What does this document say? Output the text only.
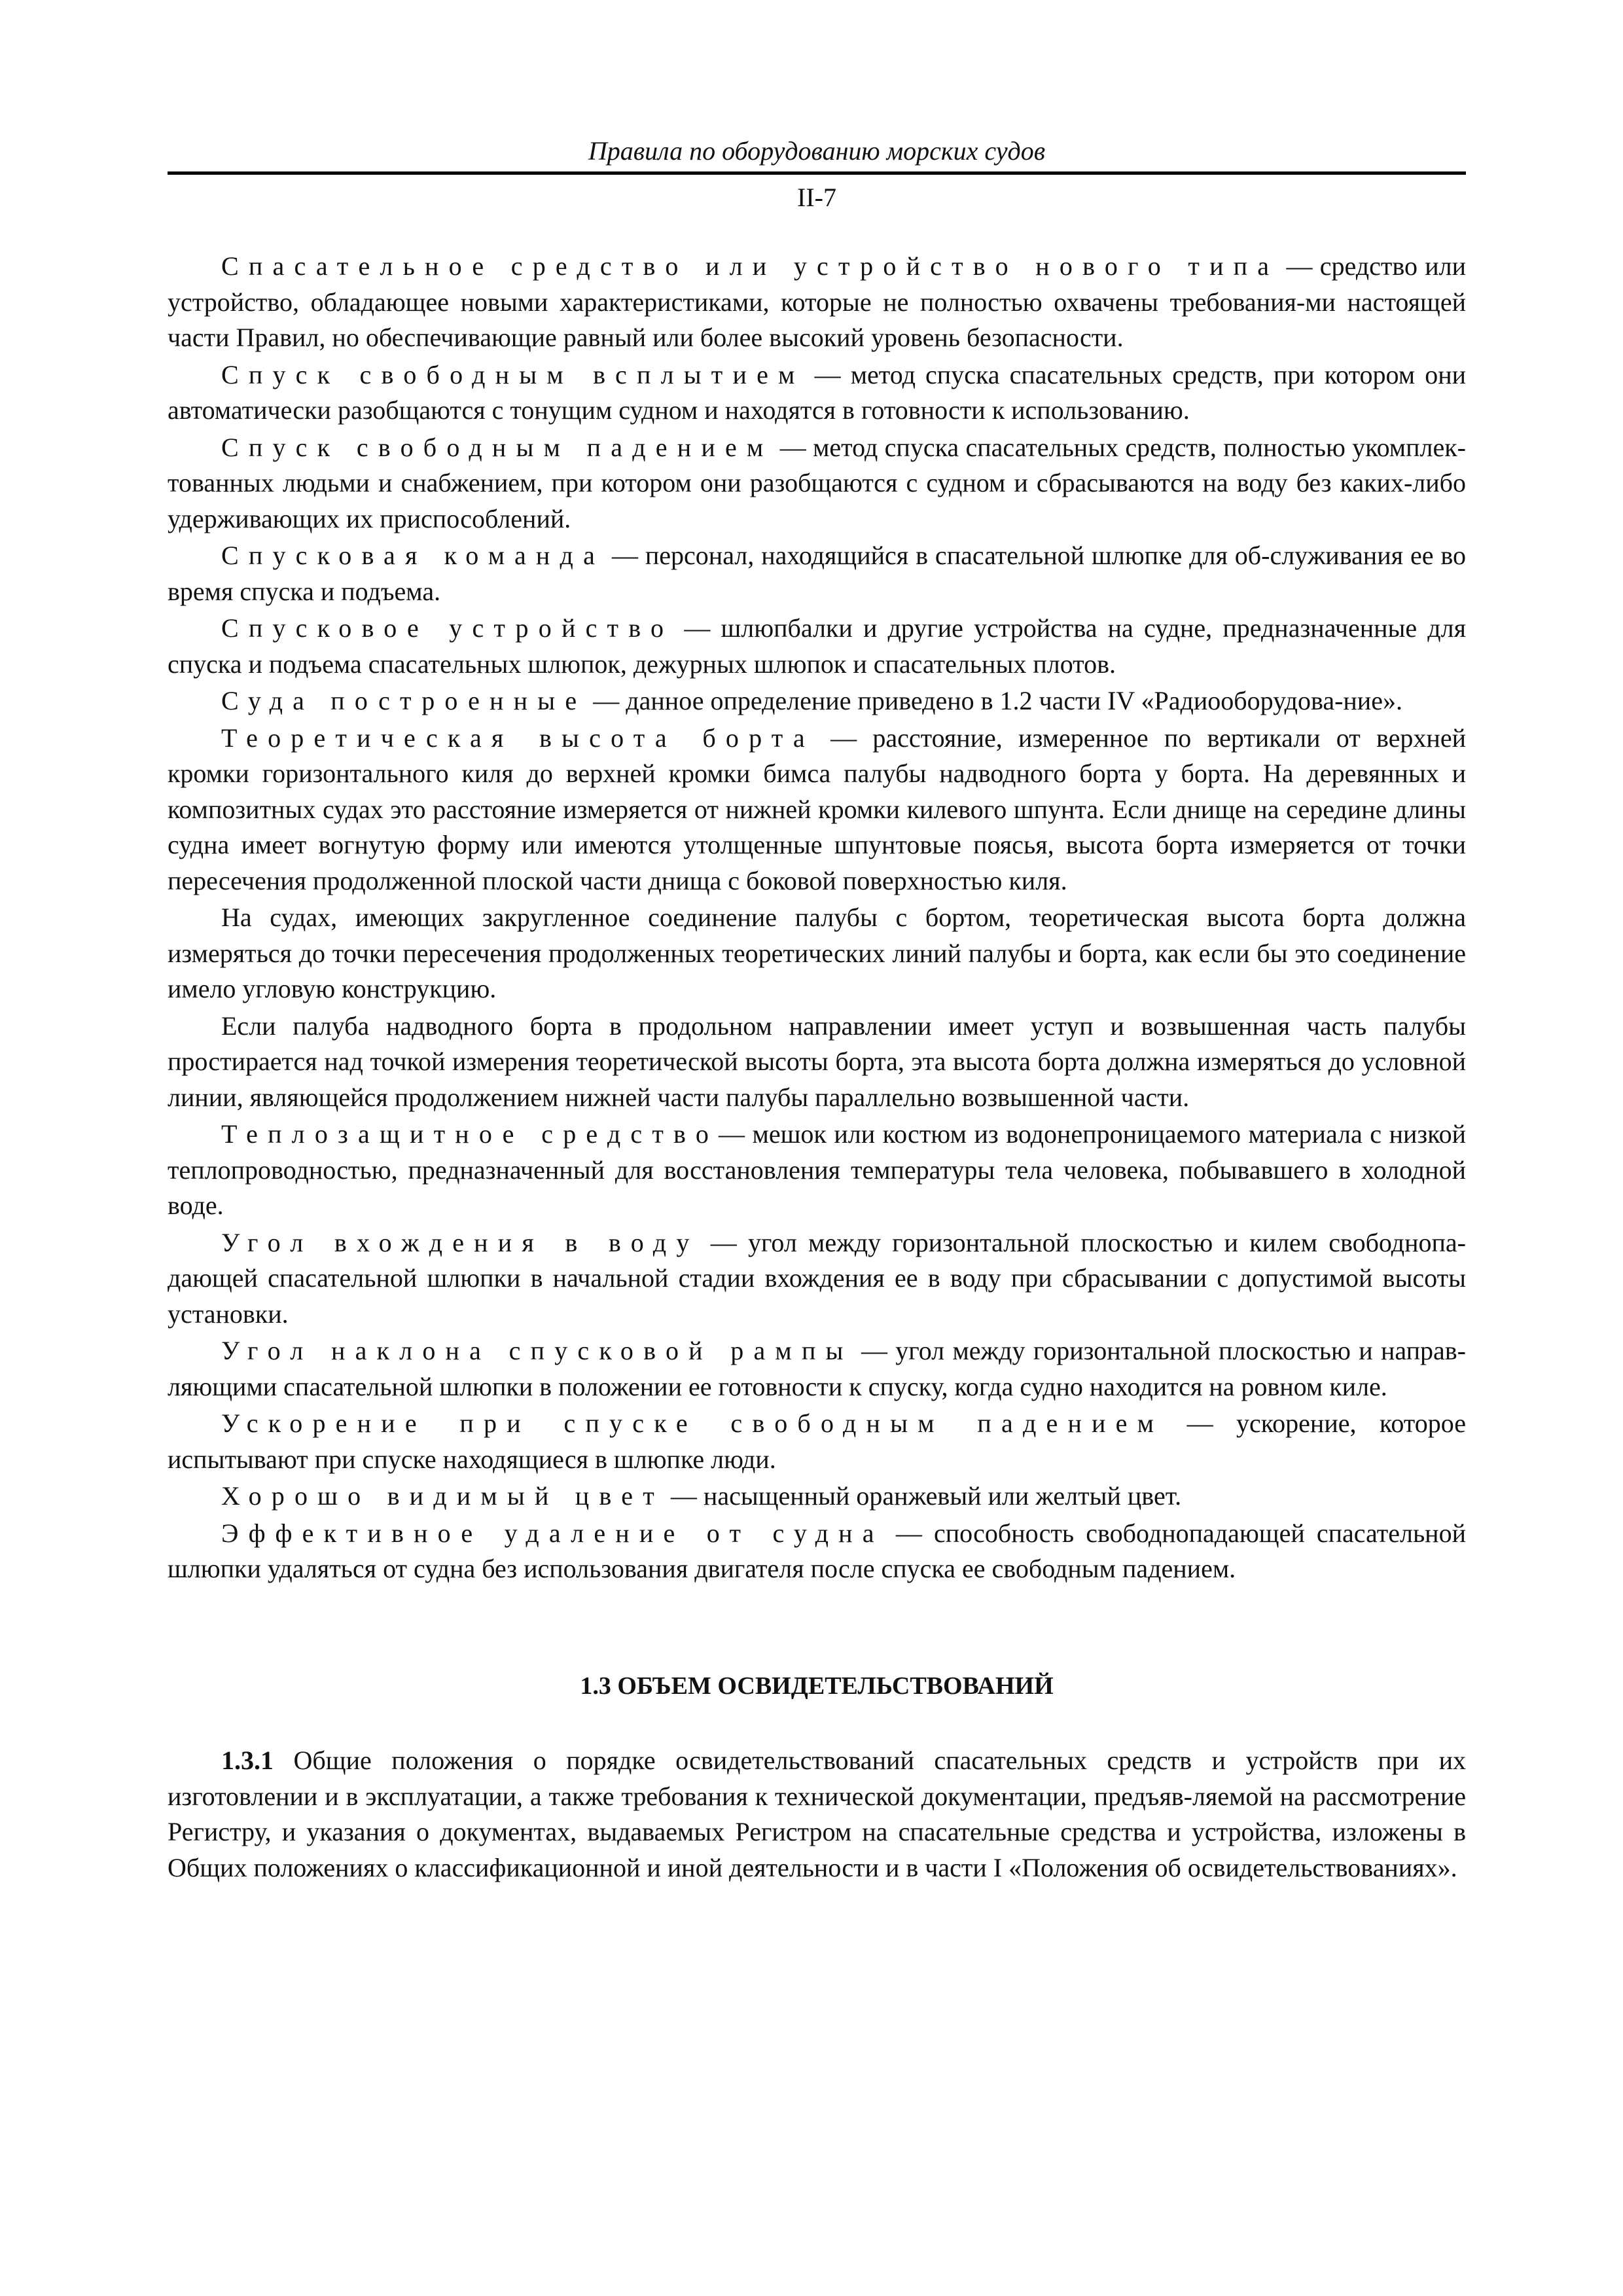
Правила по оборудованию морских судов
II-7

Спасательное средство или устройство нового типа — средство или устройство, обладающее новыми характеристиками, которые не полностью охвачены требования-ми настоящей части Правил, но обеспечивающие равный или более высокий уровень безопасности.

Спуск свободным всплытием — метод спуска спасательных средств, при котором они автоматически разобщаются с тонущим судном и находятся в готовности к использованию.

Спуск свободным падением — метод спуска спасательных средств, полностью укомплек-тованных людьми и снабжением, при котором они разобщаются с судном и сбрасываются на воду без каких-либо удерживающих их приспособлений.

Спусковая команда — персонал, находящийся в спасательной шлюпке для об-служивания ее во время спуска и подъема.

Спусковое устройство — шлюпбалки и другие устройства на судне, предназначенные для спуска и подъема спасательных шлюпок, дежурных шлюпок и спасательных плотов.

Суда построенные — данное определение приведено в 1.2 части IV «Радиооборудова-ние».

Теоретическая высота борта — расстояние, измеренное по вертикали от верхней кромки горизонтального киля до верхней кромки бимса палубы надводного борта у борта. На деревянных и композитных судах это расстояние измеряется от нижней кромки килевого шпунта. Если днище на середине длины судна имеет вогнутую форму или имеются утолщенные шпунтовые поясья, высота борта измеряется от точки пересечения продолженной плоской части днища с боковой поверхностью киля.

На судах, имеющих закругленное соединение палубы с бортом, теоретическая высота борта должна измеряться до точки пересечения продолженных теоретических линий палубы и борта, как если бы это соединение имело угловую конструкцию.

Если палуба надводного борта в продольном направлении имеет уступ и возвышенная часть палубы простирается над точкой измерения теоретической высоты борта, эта высота борта должна измеряться до условной линии, являющейся продолжением нижней части палубы параллельно возвышенной части.

Теплозащитное средство— мешок или костюм из водонепроницаемого материала с низкой теплопроводностью, предназначенный для восстановления температуры тела человека, побывавшего в холодной воде.

Угол вхождения в воду — угол между горизонтальной плоскостью и килем свободнопа-дающей спасательной шлюпки в начальной стадии вхождения ее в воду при сбрасывании с допустимой высоты установки.

Угол наклона спусковой рампы — угол между горизонтальной плоскостью и направ-ляющими спасательной шлюпки в положении ее готовности к спуску, когда судно находится на ровном киле.

Ускорение при спуске свободным падением — ускорение, которое испытывают при спуске находящиеся в шлюпке люди.

Хорошо видимый цвет — насыщенный оранжевый или желтый цвет.

Эффективное удаление от судна — способность свободнопадающей спасательной шлюпки удаляться от судна без использования двигателя после спуска ее свободным падением.

1.3 ОБЪЕМ ОСВИДЕТЕЛЬСТВОВАНИЙ

1.3.1 Общие положения о порядке освидетельствований спасательных средств и устройств при их изготовлении и в эксплуатации, а также требования к технической документации, предъяв-ляемой на рассмотрение Регистру, и указания о документах, выдаваемых Регистром на спасательные средства и устройства, изложены в Общих положениях о классификационной и иной деятельности и в части I «Положения об освидетельствованиях».
